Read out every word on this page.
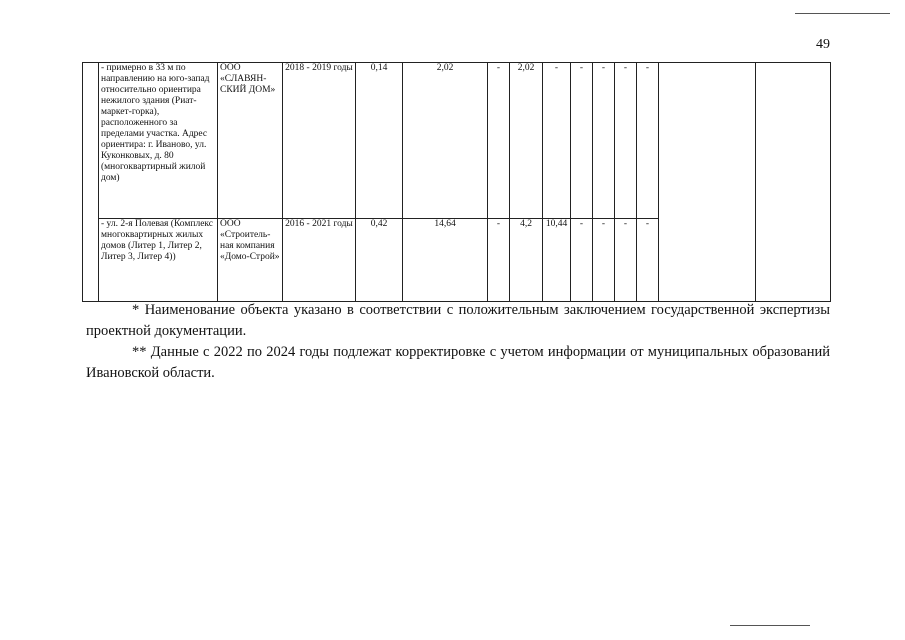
49
	- примерно в 33 м по направлению на юго-запад относительно ориентира нежилого здания (Риат-маркет-горка), расположенного за пределами участка. Адрес ориентира: г. Иваново, ул. Куконковых, д. 80 (многоквартирный жилой дом)	ООО «СЛАВЯН-СКИЙ ДОМ»	2018 - 2019 годы	0,14	2,02	-	2,02	-	-	-	-	-		
	- ул. 2-я Полевая (Комплекс многоквартирных жилых домов (Литер 1, Литер 2, Литер 3, Литер 4))	ООО «Строитель-ная компания «Домо-Строй»	2016 - 2021 годы	0,42	14,64	-	4,2	10,44	-	-	-	-		

* Наименование объекта указано в соответствии с положительным заключением государственной экспертизы проектной документации.

** Данные с 2022 по 2024 годы подлежат корректировке с учетом информации от муниципальных образований Ивановской области.
